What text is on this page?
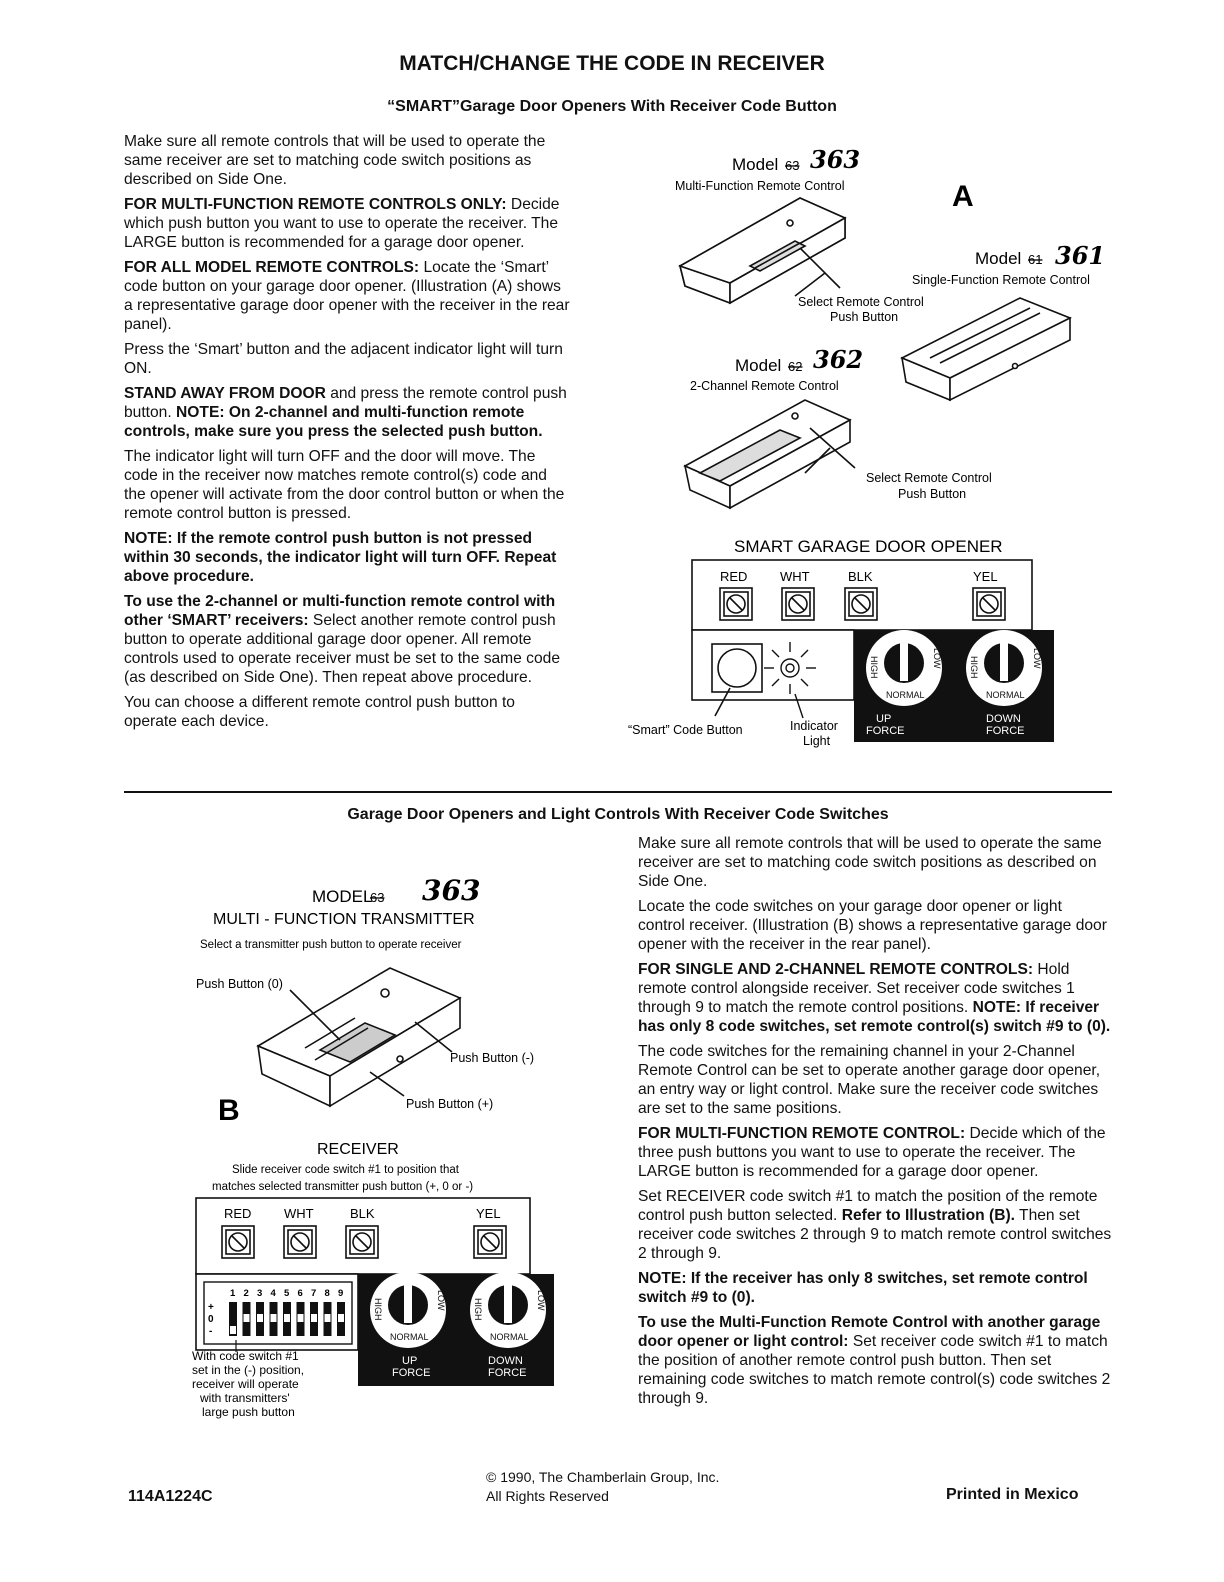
MATCH/CHANGE THE CODE IN RECEIVER
“SMART”Garage Door Openers With Receiver Code Button

Make sure all remote controls that will be used to operate the same receiver are set to matching code switch positions as described on Side One.

FOR MULTI-FUNCTION REMOTE CONTROLS ONLY: Decide which push button you want to use to operate the receiver. The LARGE button is recommended for a garage door opener.

FOR ALL MODEL REMOTE CONTROLS: Locate the ‘Smart’ code button on your garage door opener. (Illustration (A) shows a representative garage door opener with the receiver in the rear panel).

Press the ‘Smart’ button and the adjacent indicator light will turn ON.

STAND AWAY FROM DOOR and press the remote control push button. NOTE: On 2-channel and multi-function remote controls, make sure you press the selected push button.

The indicator light will turn OFF and the door will move. The code in the receiver now matches remote control(s) code and the opener will activate from the door control button or when the remote control button is pressed.

NOTE: If the remote control push button is not pressed within 30 seconds, the indicator light will turn OFF. Repeat above procedure.

To use the 2-channel or multi-function remote control with other ‘SMART’ receivers: Select another remote control push button to operate additional garage door opener. All remote controls used to operate receiver must be set to the same code (as described on Side One). Then repeat above procedure.

You can choose a different remote control push button to operate each device.

Model 63 363
Multi-Function Remote Control	A
Select Remote Control
Push Button
Model 61 361
Single-Function Remote Control
Model 62 362
2-Channel Remote Control
Select Remote Control
Push Button
SMART GARAGE DOOR OPENER
RED	WHT	BLK	YEL
HIGH	LOW
NORMAL
UP
FORCE
HIGH	LOW
NORMAL
DOWN
FORCE
“Smart” Code Button	Indicator
Light
Garage Door Openers and Light Controls With Receiver Code Switches
MODEL
63 363
MULTI - FUNCTION TRANSMITTER
Select a transmitter push button to operate receiver
Push Button (0)
Push Button (-)
Push Button (+)
B
RECEIVER
Slide receiver code switch #1 to position that
matches selected transmitter push button (+, 0 or -)
RED	WHT	BLK	YEL
1 2 3 4 5 6 7 8 9
+
0
-
HIGH	LOW
NORMAL
HIGH	LOW
NORMAL
UP
FORCE
DOWN
FORCE
With code switch #1
set in the (-) position,
receiver will operate
with transmitters'
large push button

Make sure all remote controls that will be used to operate the same receiver are set to matching code switch positions as described on Side One.

Locate the code switches on your garage door opener or light control receiver. (Illustration (B) shows a representative garage door opener with the receiver in the rear panel).

FOR SINGLE AND 2-CHANNEL REMOTE CONTROLS: Hold remote control alongside receiver. Set receiver code switches 1 through 9 to match the remote control positions. NOTE: If receiver has only 8 code switches, set remote control(s) switch #9 to (0).

The code switches for the remaining channel in your 2-Channel Remote Control can be set to operate another garage door opener, an entry way or light control. Make sure the receiver code switches are set to the same positions.

FOR MULTI-FUNCTION REMOTE CONTROL: Decide which of the three push buttons you want to use to operate the receiver. The LARGE button is recommended for a garage door opener.

Set RECEIVER code switch #1 to match the position of the remote control push button selected. Refer to Illustration (B). Then set receiver code switches 2 through 9 to match remote control switches 2 through 9.

NOTE: If the receiver has only 8 switches, set remote control switch #9 to (0).

To use the Multi-Function Remote Control with another garage door opener or light control: Set receiver code switch #1 to match the position of another remote control push button. Then set remaining code switches to match remote control(s) code switches 2 through 9.

114A1224C
© 1990, The Chamberlain Group, Inc.
All Rights Reserved	Printed in Mexico
